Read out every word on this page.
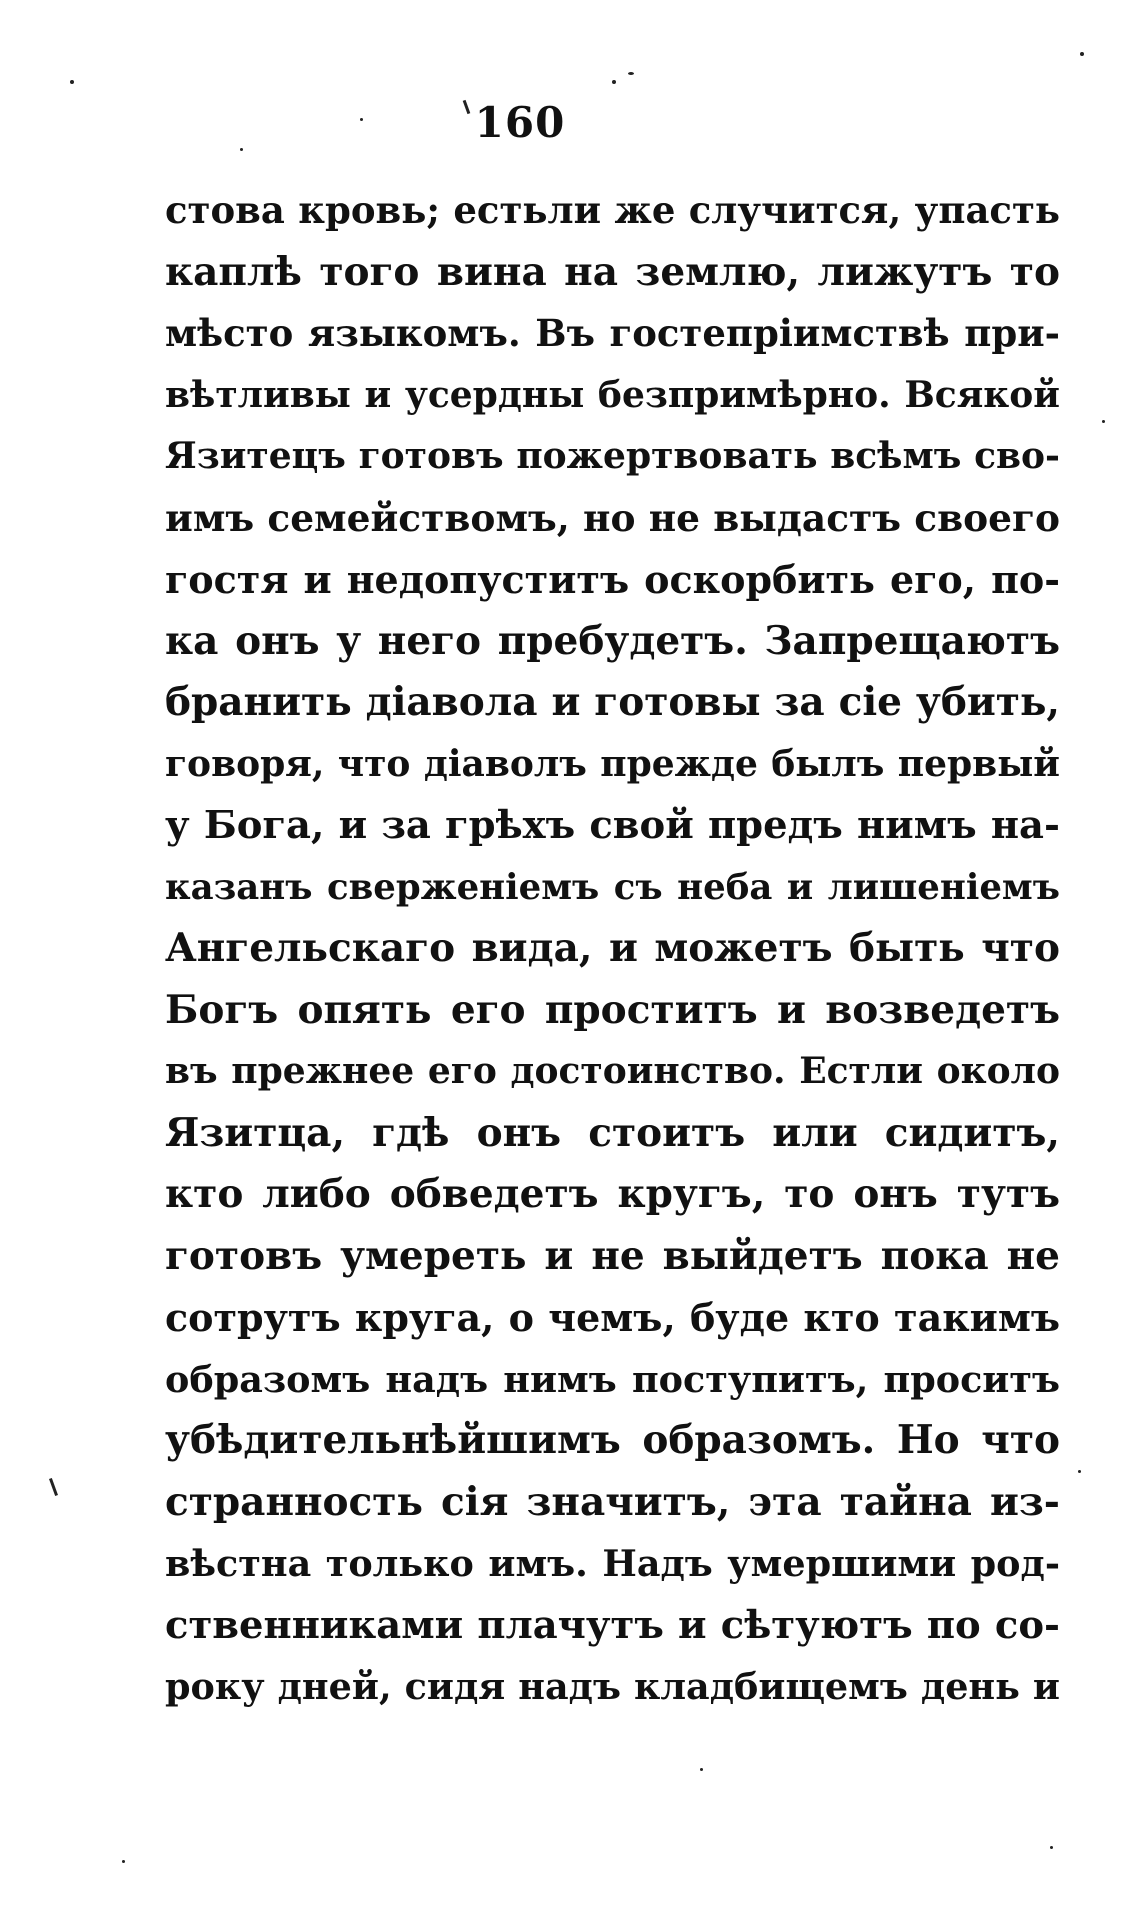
160
стова кровь; естьли же случится, упасть
каплѣ того вина на землю, лижутъ то
мѣсто языкомъ. Въ гостепріимствѣ при-
вѣтливы и усердны безпримѣрно. Всякой
Язитецъ готовъ пожертвовать всѣмъ сво-
имъ семействомъ, но не выдастъ своего
гостя и недопуститъ оскорбить его, по-
ка онъ у него пребудетъ. Запрещаютъ
бранить діавола и готовы за сіе убить,
говоря, что діаволъ прежде былъ первый
у Бога, и за грѣхъ свой предъ нимъ на-
казанъ сверженіемъ съ неба и лишеніемъ
Ангельскаго вида, и можетъ быть что
Богъ опять его проститъ и возведетъ
въ прежнее его достоинство. Естли около
Язитца, гдѣ онъ стоитъ или сидитъ,
кто либо обведетъ кругъ, то онъ тутъ
готовъ умереть и не выйдетъ пока не
сотрутъ круга, о чемъ, буде кто такимъ
образомъ надъ нимъ поступитъ, проситъ
убѣдительнѣйшимъ образомъ. Но что
странность сія значитъ, эта тайна из-
вѣстна только имъ. Надъ умершими род-
ственниками плачутъ и сѣтуютъ по со-
року дней, сидя надъ кладбищемъ день и
